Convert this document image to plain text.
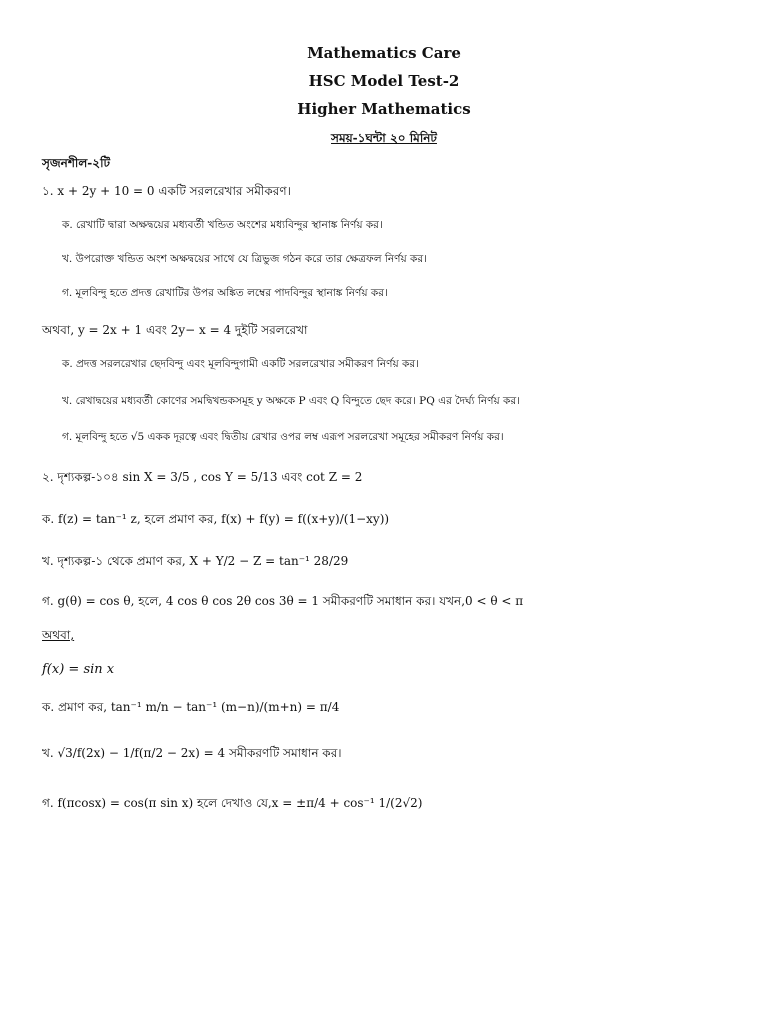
Mathematics Care
HSC Model Test-2
Higher Mathematics
সময়-১ঘন্টা ২০ মিনিট
সৃজনশীল-২টি
১. x + 2y + 10 = 0 একটি সরলরেখার সমীকরণ।
ক. রেখাটি দ্বারা অক্ষদ্বয়ের মধ্যবর্তী খন্ডিত অংশের মধ্যবিন্দুর স্থানাঙ্ক নির্ণয় কর।
খ. উপরোক্ত খন্ডিত অংশ অক্ষদ্বয়ের সাথে যে ত্রিভুজ গঠন করে তার ক্ষেত্রফল নির্ণয় কর।
গ. মূলবিন্দু হতে প্রদত্ত রেখাটির উপর অঙ্কিত লম্বের পাদবিন্দুর স্থানাঙ্ক নির্ণয় কর।
অথবা, y = 2x + 1 এবং 2y− x = 4 দুইটি সরলরেখা
ক. প্রদত্ত সরলরেখার ছেদবিন্দু এবং মূলবিন্দুগামী একটি সরলরেখার সমীকরণ নির্ণয় কর।
খ. রেখাদ্বয়ের মধ্যবর্তী কোণের সমদ্বিখন্ডকসমূহ y অক্ষকে P এবং Q বিন্দুতে ছেদ করে। PQ এর দৈর্ঘ্য নির্ণয় কর।
গ. মূলবিন্দু হতে √5 একক দূরত্বে এবং দ্বিতীয় রেখার ওপর লম্ব এরূপ সরলরেখা সমূহের সমীকরণ নির্ণয় কর।
২. দৃশ্যকল্প-১০৪ sin X = 3/5 , cos Y = 5/13 এবং cot Z = 2
ক. f(z) = tan⁻¹ z, হলে প্রমাণ কর, f(x) + f(y) = f((x+y)/(1−xy))
খ. দৃশ্যকল্প-১ থেকে প্রমাণ কর, X + Y/2 − Z = tan⁻¹ 28/29
গ. g(θ) = cos θ, হলে, 4 cos θ cos 2θ cos 3θ = 1 সমীকরণটি সমাধান কর। যখন,0 < θ < π
অথবা,
f(x) = sin x
ক. প্রমাণ কর, tan⁻¹ m/n − tan⁻¹ (m−n)/(m+n) = π/4
খ. √3/f(2x) − 1/f(π/2 − 2x) = 4 সমীকরণটি সমাধান কর।
গ. f(πcosx) = cos(π sin x) হলে দেখাও যে,x = ±π/4 + cos⁻¹ 1/(2√2)
